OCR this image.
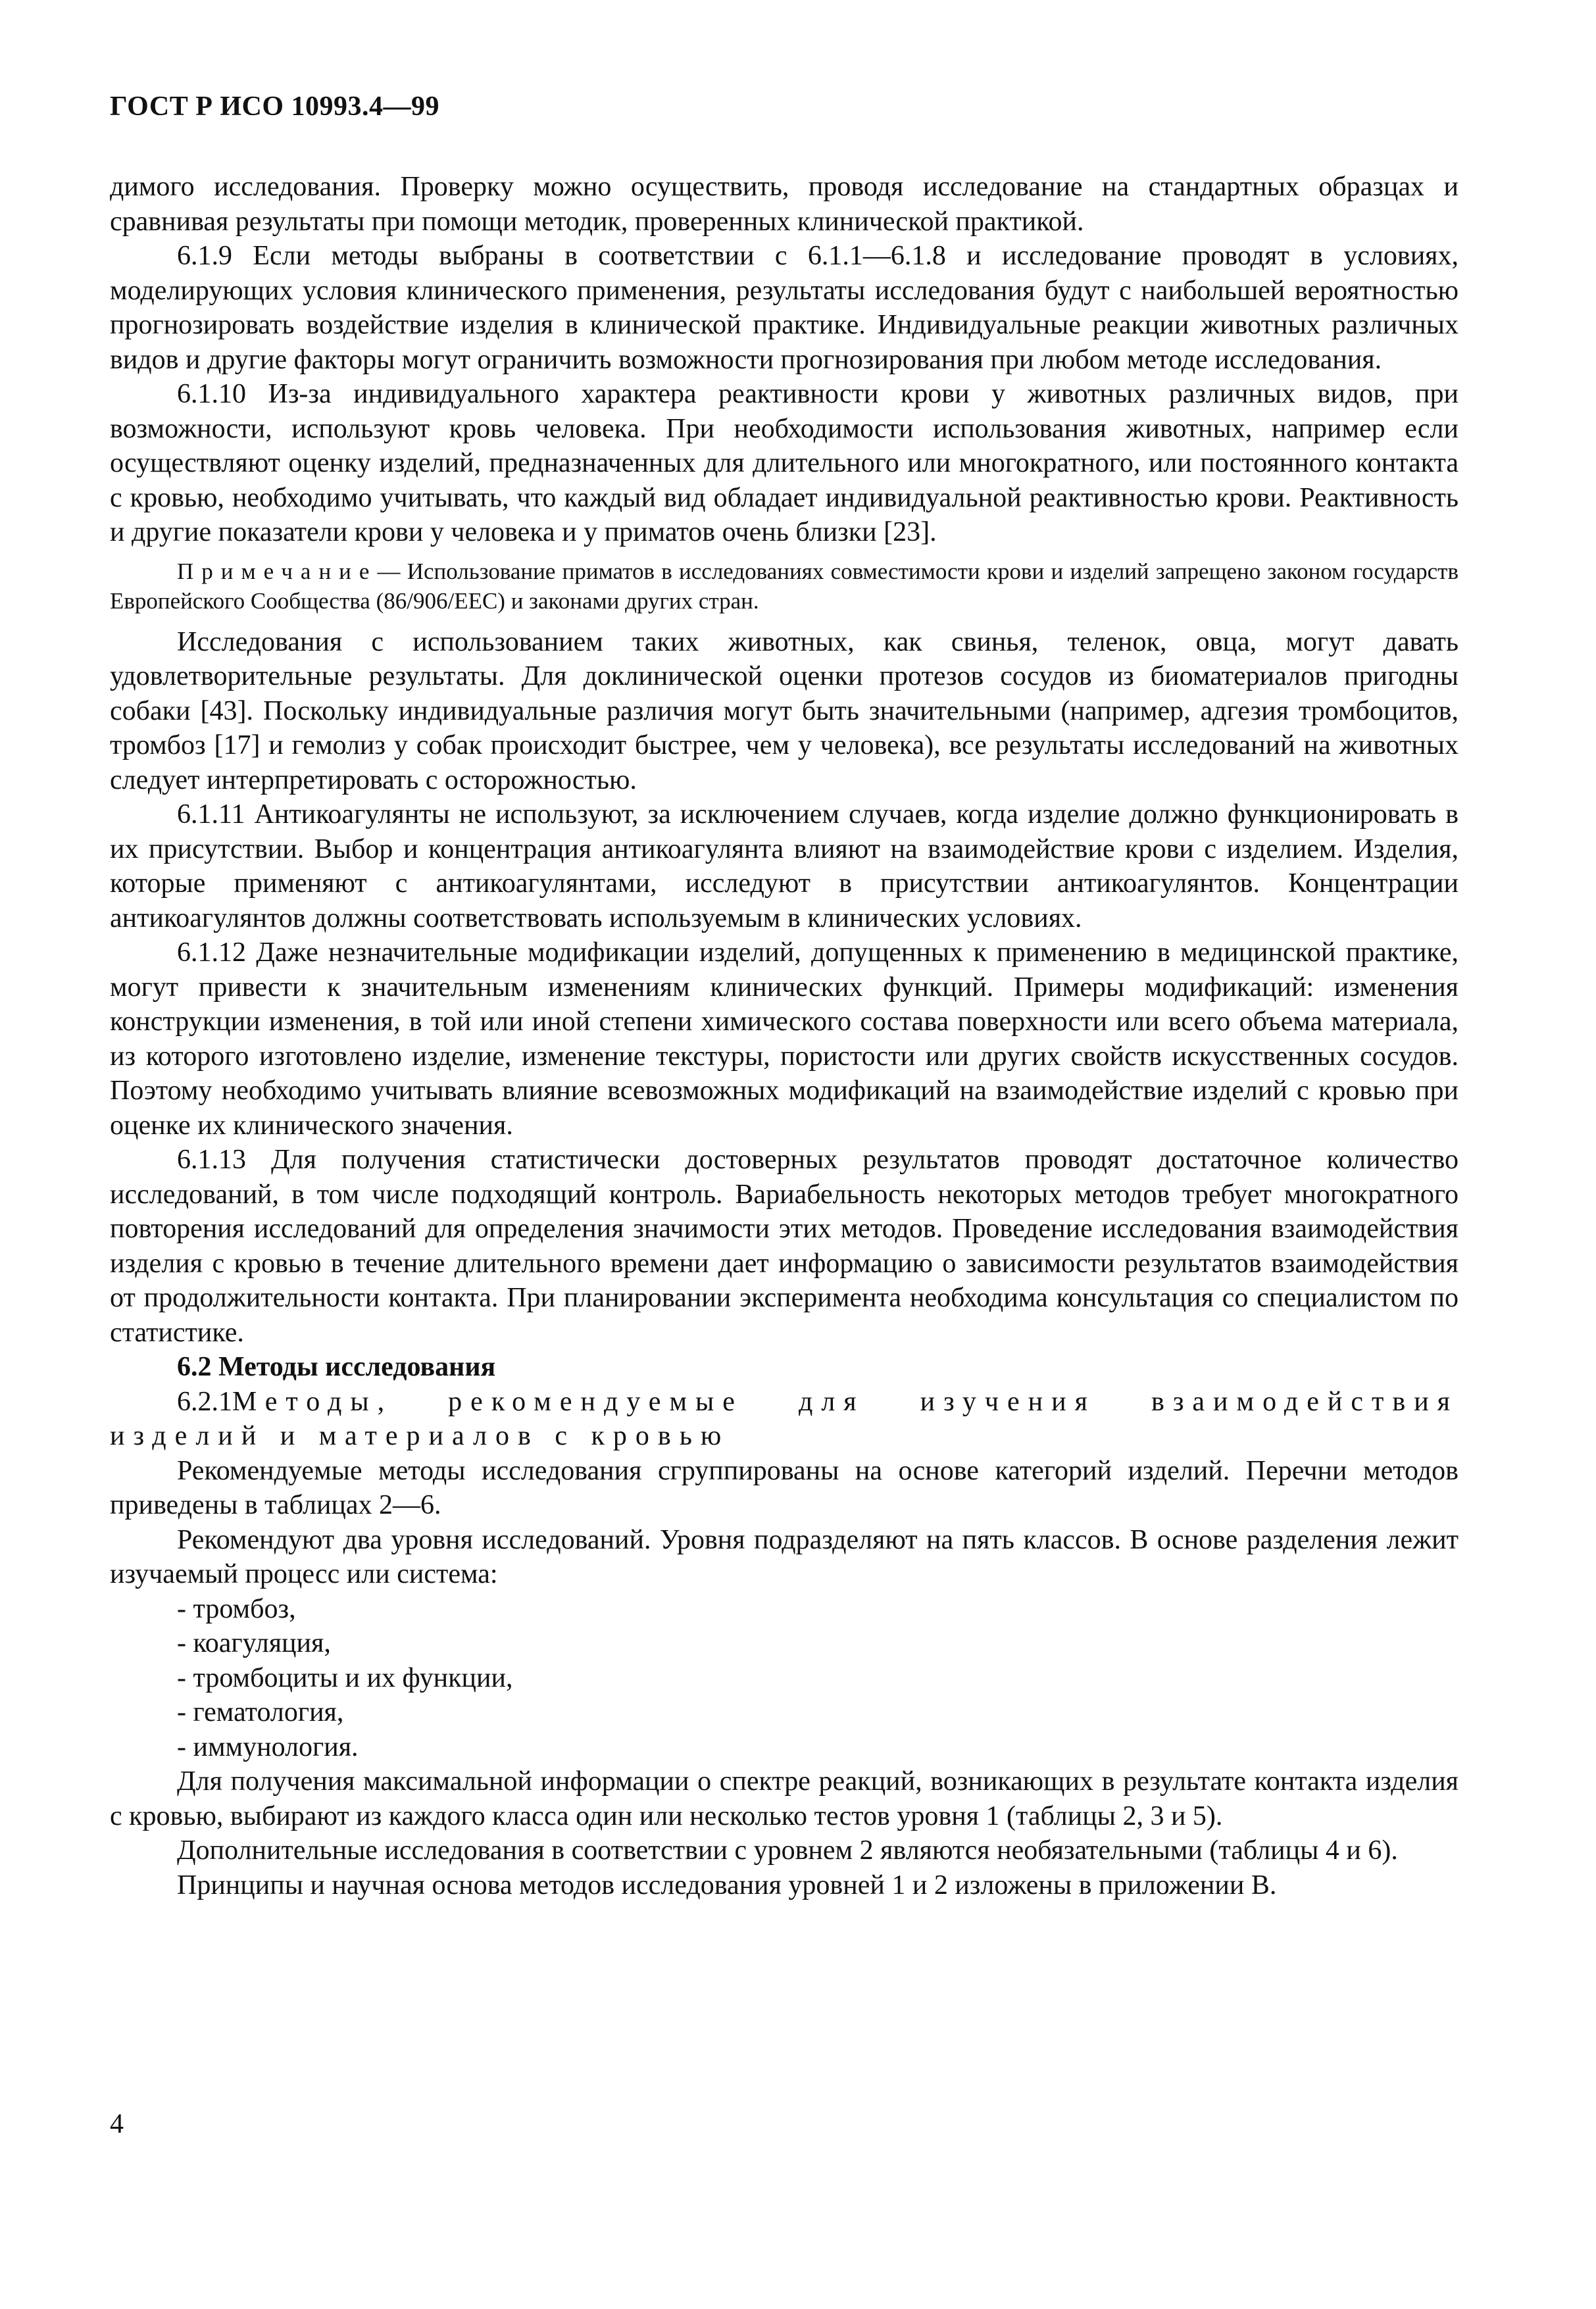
ГОСТ Р ИСО 10993.4—99

димого исследования. Проверку можно осуществить, проводя исследование на стандартных образцах и сравнивая результаты при помощи методик, проверенных клинической практикой.

6.1.9 Если методы выбраны в соответствии с 6.1.1—6.1.8 и исследование проводят в условиях, моделирующих условия клинического применения, результаты исследования будут с наибольшей вероятностью прогнозировать воздействие изделия в клинической практике. Индивидуальные реакции животных различных видов и другие факторы могут ограничить возможности прогнозирования при любом методе исследования.

6.1.10 Из-за индивидуального характера реактивности крови у животных различных видов, при возможности, используют кровь человека. При необходимости использования животных, например если осуществляют оценку изделий, предназначенных для длительного или многократного, или постоянного контакта с кровью, необходимо учитывать, что каждый вид обладает индивидуальной реактивностью крови. Реактивность и другие показатели крови у человека и у приматов очень близки [23].

Примечание— Использование приматов в исследованиях совместимости крови и изделий запрещено законом государств Европейского Сообщества (86/906/ЕЕС) и законами других стран.

Исследования с использованием таких животных, как свинья, теленок, овца, могут давать удовлетворительные результаты. Для доклинической оценки протезов сосудов из биоматериалов пригодны собаки [43]. Поскольку индивидуальные различия могут быть значительными (например, адгезия тромбоцитов, тромбоз [17] и гемолиз у собак происходит быстрее, чем у человека), все результаты исследований на животных следует интерпретировать с осторожностью.

6.1.11 Антикоагулянты не используют, за исключением случаев, когда изделие должно функционировать в их присутствии. Выбор и концентрация антикоагулянта влияют на взаимодействие крови с изделием. Изделия, которые применяют с антикоагулянтами, исследуют в присутствии антикоагулянтов. Концентрации антикоагулянтов должны соответствовать используемым в клинических условиях.

6.1.12 Даже незначительные модификации изделий, допущенных к применению в медицинской практике, могут привести к значительным изменениям клинических функций. Примеры модификаций: изменения конструкции изменения, в той или иной степени химического состава поверхности или всего объема материала, из которого изготовлено изделие, изменение текстуры, пористости или других свойств искусственных сосудов. Поэтому необходимо учитывать влияние всевозможных модификаций на взаимодействие изделий с кровью при оценке их клинического значения.

6.1.13 Для получения статистически достоверных результатов проводят достаточное количество исследований, в том числе подходящий контроль. Вариабельность некоторых методов требует многократного повторения исследований для определения значимости этих методов. Проведение исследования взаимодействия изделия с кровью в течение длительного времени дает информацию о зависимости результатов взаимодействия от продолжительности контакта. При планировании эксперимента необходима консультация со специалистом по статистике.

6.2 Методы исследования

6.2.1Методы, рекомендуемые для изучения взаимодействия изделий и материалов с кровью

Рекомендуемые методы исследования сгруппированы на основе категорий изделий. Перечни методов приведены в таблицах 2—6.

Рекомендуют два уровня исследований. Уровня подразделяют на пять классов. В основе разделения лежит изучаемый процесс или система:

- тромбоз,
- коагуляция,
- тромбоциты и их функции,
- гематология,
- иммунология.

Для получения максимальной информации о спектре реакций, возникающих в результате контакта изделия с кровью, выбирают из каждого класса один или несколько тестов уровня 1 (таблицы 2, 3 и 5).

Дополнительные исследования в соответствии с уровнем 2 являются необязательными (таблицы 4 и 6).

Принципы и научная основа методов исследования уровней 1 и 2 изложены в приложении В.

4
